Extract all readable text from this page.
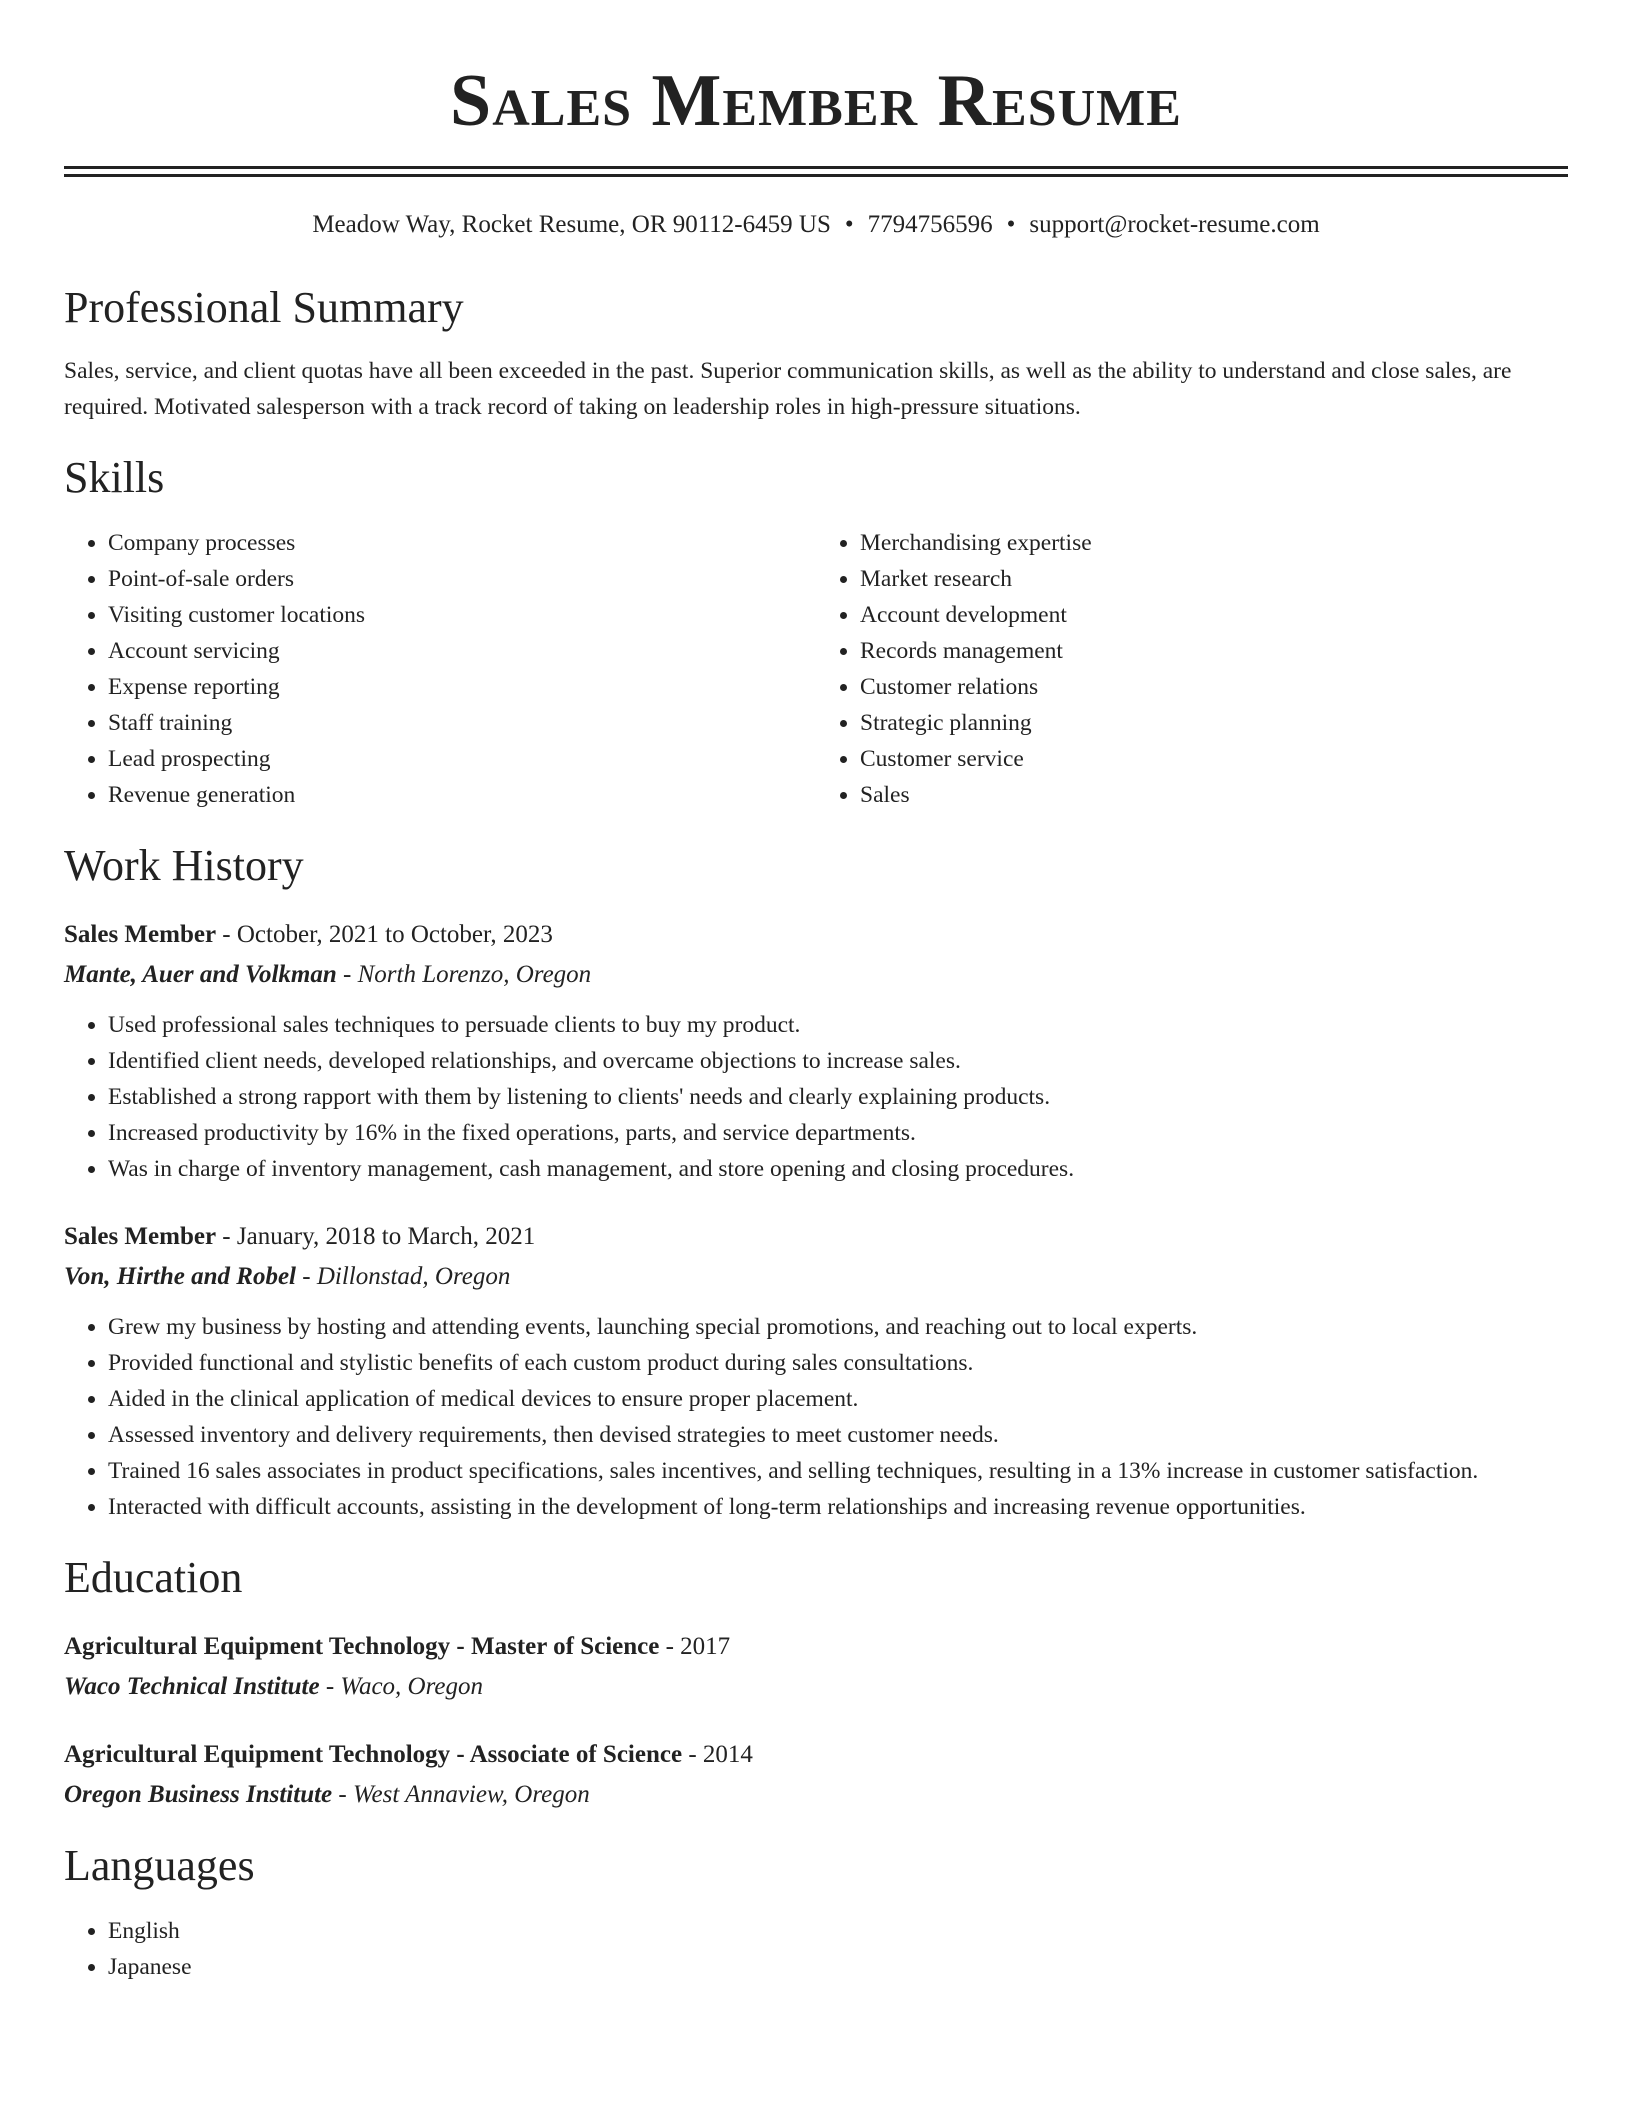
Sales Member Resume
Meadow Way, Rocket Resume, OR 90112-6459 US • 7794756596 • support@rocket-resume.com
Professional Summary
Sales, service, and client quotas have all been exceeded in the past. Superior communication skills, as well as the ability to understand and close sales, are required. Motivated salesperson with a track record of taking on leadership roles in high-pressure situations.
Skills
• Company processes
• Point-of-sale orders
• Visiting customer locations
• Account servicing
• Expense reporting
• Staff training
• Lead prospecting
• Revenue generation
• Merchandising expertise
• Market research
• Account development
• Records management
• Customer relations
• Strategic planning
• Customer service
• Sales
Work History
Sales Member - October, 2021 to October, 2023
Mante, Auer and Volkman - North Lorenzo, Oregon
• Used professional sales techniques to persuade clients to buy my product.
• Identified client needs, developed relationships, and overcame objections to increase sales.
• Established a strong rapport with them by listening to clients' needs and clearly explaining products.
• Increased productivity by 16% in the fixed operations, parts, and service departments.
• Was in charge of inventory management, cash management, and store opening and closing procedures.
Sales Member - January, 2018 to March, 2021
Von, Hirthe and Robel - Dillonstad, Oregon
• Grew my business by hosting and attending events, launching special promotions, and reaching out to local experts.
• Provided functional and stylistic benefits of each custom product during sales consultations.
• Aided in the clinical application of medical devices to ensure proper placement.
• Assessed inventory and delivery requirements, then devised strategies to meet customer needs.
• Trained 16 sales associates in product specifications, sales incentives, and selling techniques, resulting in a 13% increase in customer satisfaction.
• Interacted with difficult accounts, assisting in the development of long-term relationships and increasing revenue opportunities.
Education
Agricultural Equipment Technology - Master of Science - 2017
Waco Technical Institute - Waco, Oregon
Agricultural Equipment Technology - Associate of Science - 2014
Oregon Business Institute - West Annaview, Oregon
Languages
• English
• Japanese
